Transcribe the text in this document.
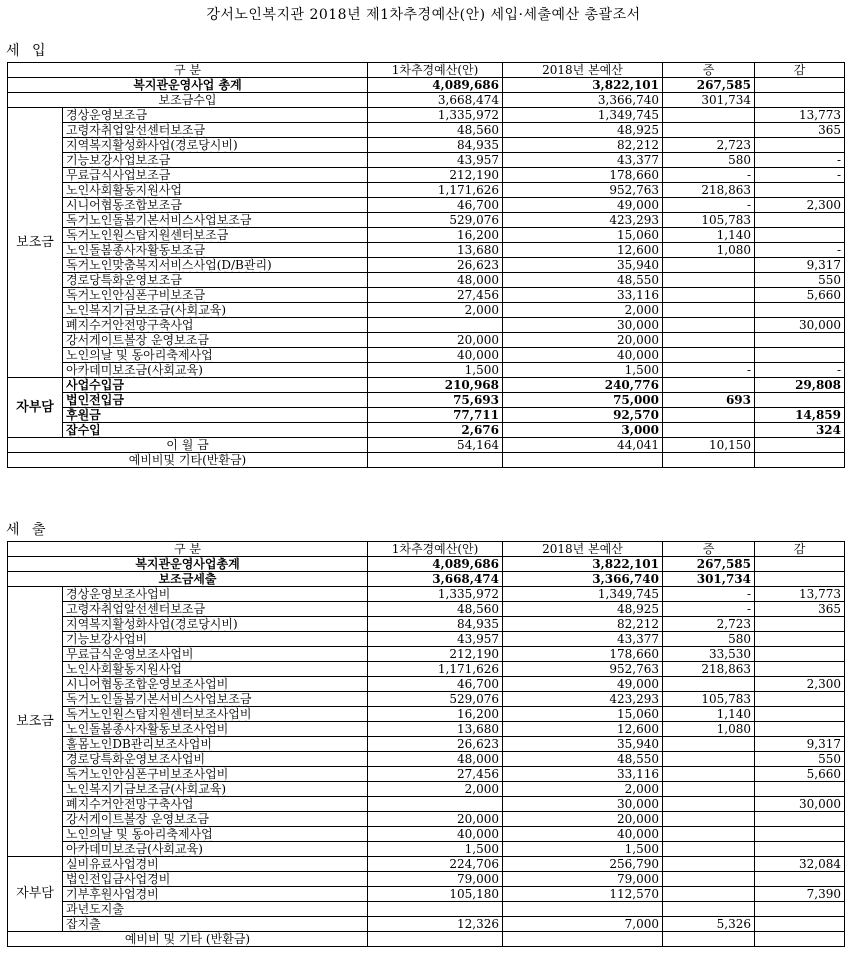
강서노인복지관 2018년 제1차추경예산(안) 세입·세출예산 총괄조서
세 입
구 분		1차추경예산(안)	2018년 본예산	증	감
복지관운영사업 총계		4,089,686	3,822,101	267,585	
보조금수입		3,668,474	3,366,740	301,734	
보조금	경상운영보조금	1,335,972	1,349,745		13,773
	고령자취업알선센터보조금	48,560	48,925		365
	지역복지활성화사업(경로당시비)	84,935	82,212	2,723	
	기능보강사업보조금	43,957	43,377	580	-
	무료급식사업보조금	212,190	178,660	-	-
	노인사회활동지원사업	1,171,626	952,763	218,863	
	시니어협동조합보조금	46,700	49,000	-	2,300
	독거노인돌봄기본서비스사업보조금	529,076	423,293	105,783	
	독거노인원스탑지원센터보조금	16,200	15,060	1,140	
	노인돌봄종사자활동보조금	13,680	12,600	1,080	-
	독거노인맞춤복지서비스사업(D/B관리)	26,623	35,940		9,317
	경로당특화운영보조금	48,000	48,550		550
	독거노인안심폰구비보조금	27,456	33,116		5,660
	노인복지기금보조금(사회교육)	2,000	2,000		
	폐지수거안전망구축사업		30,000		30,000
	강서게이트볼장 운영보조금	20,000	20,000		
	노인의날 및 동아리축제사업	40,000	40,000		
	아카데미보조금(사회교육)	1,500	1,500	-	-
자부담	사업수입금	210,968	240,776		29,808
	법인전입금	75,693	75,000	693	
	후원금	77,711	92,570		14,859
	잡수입	2,676	3,000		324
이 월 금		54,164	44,041	10,150	
예비비및 기타(반환금)					
세 출
구 분		1차추경예산(안)	2018년 본예산	증	감
복지관운영사업총계		4,089,686	3,822,101	267,585	
보조금세출		3,668,474	3,366,740	301,734	
보조금	경상운영보조사업비	1,335,972	1,349,745	-	13,773
	고령자취업알선센터보조금	48,560	48,925	-	365
	지역복지활성화사업(경로당시비)	84,935	82,212	2,723	
	기능보강사업비	43,957	43,377	580	
	무료급식운영보조사업비	212,190	178,660	33,530	
	노인사회활동지원사업	1,171,626	952,763	218,863	
	시니어협동조합운영보조사업비	46,700	49,000		2,300
	독거노인돌봄기본서비스사업보조금	529,076	423,293	105,783	
	독거노인원스탑지원센터보조사업비	16,200	15,060	1,140	
	노인돌봄종사자활동보조사업비	13,680	12,600	1,080	
	홀몸노인DB관리보조사업비	26,623	35,940		9,317
	경로당특화운영보조사업비	48,000	48,550		550
	독거노인안심폰구비보조사업비	27,456	33,116		5,660
	노인복지기금보조금(사회교육)	2,000	2,000		
	폐지수거안전망구축사업		30,000		30,000
	강서게이트볼장 운영보조금	20,000	20,000		
	노인의날 및 동아리축제사업	40,000	40,000		
	아카데미보조금(사회교육)	1,500	1,500		
자부담	실비유료사업경비	224,706	256,790		32,084
	법인전입금사업경비	79,000	79,000		
	기부후원사업경비	105,180	112,570		7,390
	과년도지출				
	잡지출	12,326	7,000	5,326	
예비비 및 기타 (반환금)					
